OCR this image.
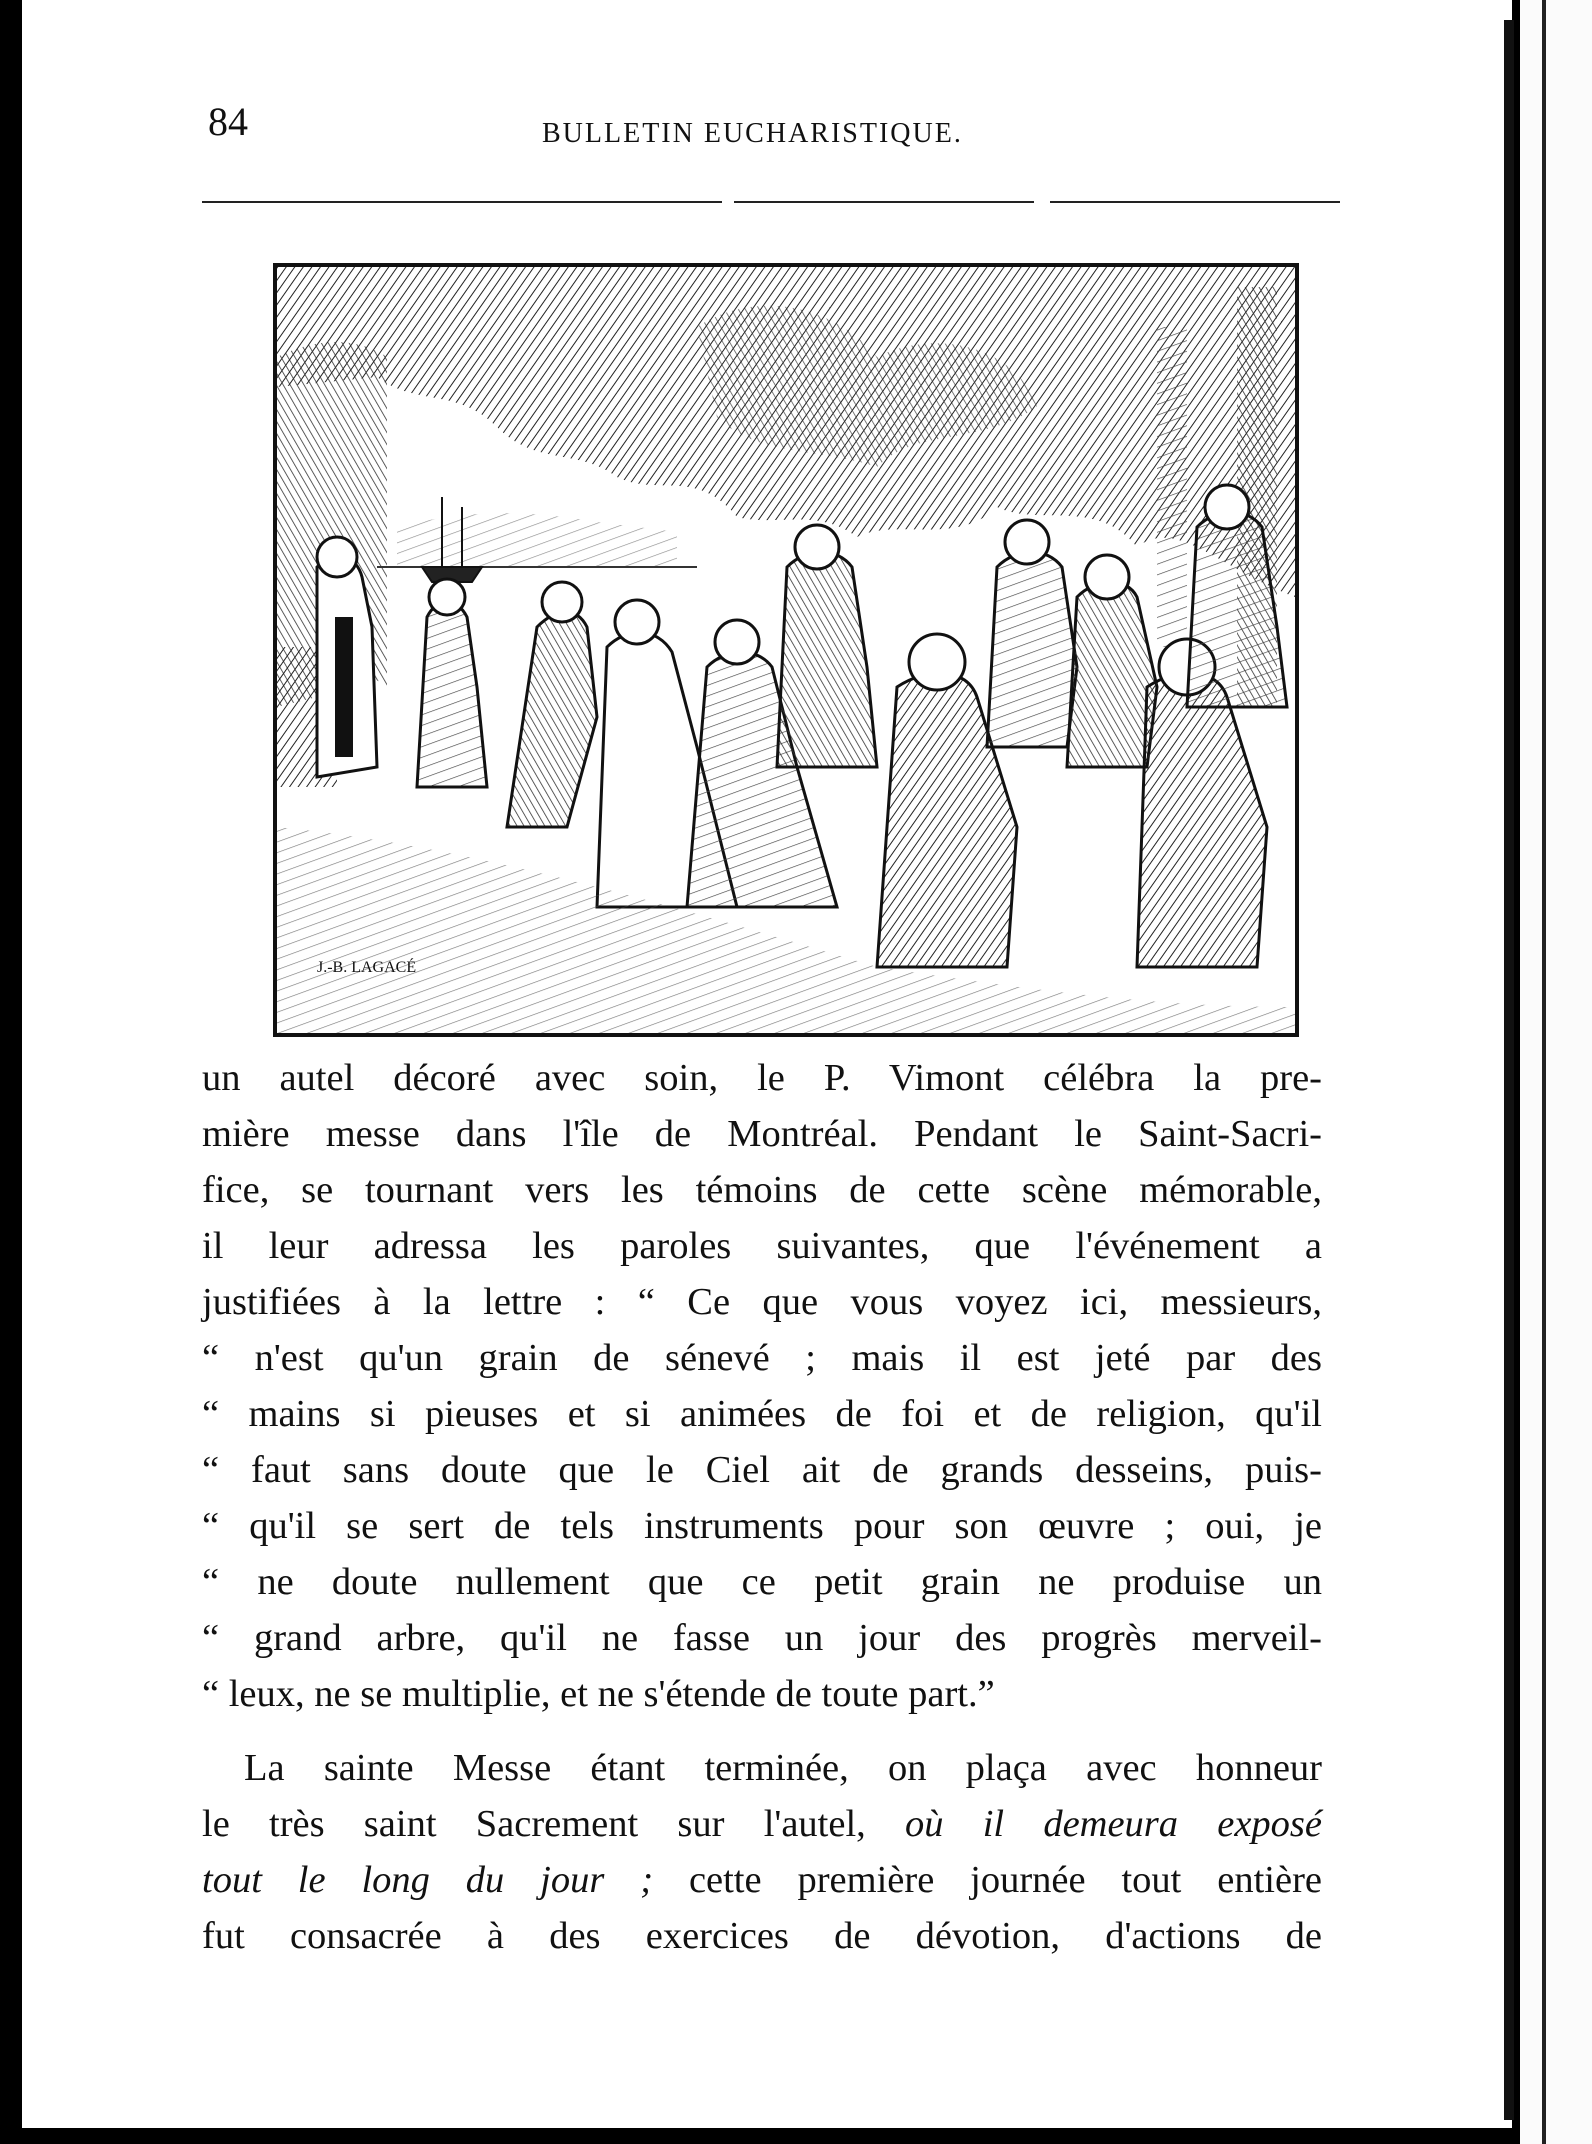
84	BULLETIN EUCHARISTIQUE.
J.-B. LAGACÉ
un autel décoré avec soin, le P. Vimont célébra la pre-
mière messe dans l'île de Montréal. Pendant le Saint-Sacri-
fice, se tournant vers les témoins de cette scène mémorable,
il leur adressa les paroles suivantes, que l'événement a
justifiées à la lettre : “ Ce que vous voyez ici, messieurs,
“ n'est qu'un grain de sénevé ; mais il est jeté par des
“ mains si pieuses et si animées de foi et de religion, qu'il
“ faut sans doute que le Ciel ait de grands desseins, puis-
“ qu'il se sert de tels instruments pour son œuvre ; oui, je
“ ne doute nullement que ce petit grain ne produise un
“ grand arbre, qu'il ne fasse un jour des progrès merveil-
“ leux, ne se multiplie, et ne s'étende de toute part.”
La sainte Messe étant terminée, on plaça avec honneur
le très saint Sacrement sur l'autel, où il demeura exposé
tout le long du jour ; cette première journée tout entière
fut consacrée à des exercices de dévotion, d'actions de
